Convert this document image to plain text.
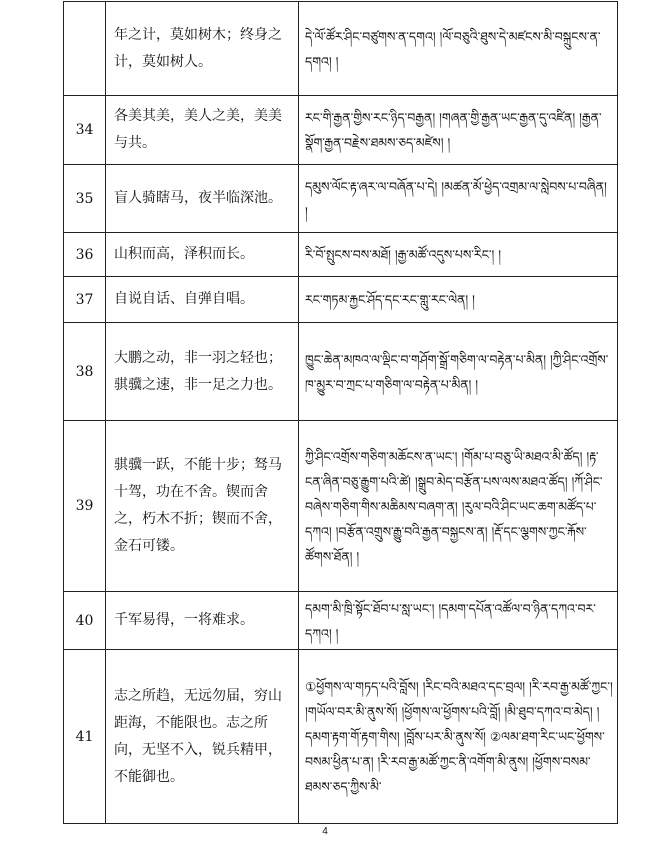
	年之计，莫如树木；终身之计，莫如树人。	དེ་ལོ་ཚོར་ཤིང་བཙུགས་ན་དགའ། །ལོ་བཅུའི་ཐུས་དེ་མཛངས་མི་བསྐྲུངས་ན་དགའ། །
34	各美其美，美人之美，美美与共。	རང་གི་རྒྱན་གྱིས་རང་ཉིད་བརྒྱན། །གཞན་གྱི་རྒྱན་ཡང་རྒྱན་དུ་འཛིན། །རྒྱན་སྣོག་རྒྱན་བརྗེས་ཐམས་ཅད་མཛེས། །
35	盲人骑瞎马，夜半临深池。	དམུས་ལོང་རྟ་ཞར་ལ་བཞོན་པ་དེ། །མཚན་མོ་ཕྱེད་འགྲམ་ལ་སླེབས་པ་བཞིན། །
36	山积而高，泽积而长。	རི་བོ་སྤུངས་བས་མཐོ། །རྒྱ་མཚོ་འདུས་པས་རིང་། །
37	自说自话、自弹自唱。	རང་གཏམ་རྐྱང་ཤོད་དང་རང་གླུ་རང་ལེན། །
38	大鹏之动，非一羽之轻也；骐骥之速，非一足之力也。	ཁྱུང་ཆེན་མཁའ་ལ་ལྡིང་བ་གཤོག་སྒྲོ་གཅིག་ལ་བརྟེན་པ་མིན། །ཀྱི་ཤིང་འགྲོས་ཁ་མྱུར་བ་ཀྲང་པ་གཅིག་ལ་བརྟེན་པ་མིན། །
39	骐骥一跃，不能十步；驽马十驾，功在不舍。锲而舍之，朽木不折；锲而不舍，金石可镂。	ཀྱི་ཤིང་འགྲོས་གཅིག་མཆོངས་ན་ཡང་། །གོམ་པ་བཅུ་ཡི་མཐའ་མི་ཚོད། །རྟ་ངན་ཞིན་བཅུ་རྒྱུག་པའི་ཚེ། །སྒྲུབ་མེད་བརྩོན་པས་ལས་མཐའ་ཚོད། །ཀོ་ཤིང་བཞེས་གཅིག་གིས་མཆིམས་བཞག་ན། །རུལ་བའི་ཤིང་ཡང་ཆག་མཚོད་པ་དཀའ། །བརྩོན་འགྲུས་རྒྱུ་བའི་རྒྱན་བསྐྱངས་ན། །རྡོ་དང་ལྕགས་ཀྱང་རྐོས་ཚོགས་ཐོན། །
40	千军易得，一将难求。	དམག་མི་ཁྲི་སྟོང་ཐོབ་པ་སླ་ཡང་། །དམག་དཔོན་འཚོལ་བ་ཉིན་དཀའ་བར་དཀའ། །
41	志之所趋，无远勿届，穷山距海，不能限也。志之所向，无坚不入，锐兵精甲，不能御也。	①ཕྱོགས་ལ་གཏད་པའི་བློས། །རིང་བའི་མཐའ་དང་བྲལ། །རི་རབ་རྒྱ་མཚོ་ཀྱང་། །གཡོལ་བར་མི་ནུས་སོ། །ཕྱོགས་ལ་ཕྱོགས་པའི་བློ། །མི་ཐུབ་དཀའ་བ་མེད། །དམག་རྟག་གོ་རྟག་གིས། །བློས་པར་མི་ནུས་སོ། ②ལམ་ཐག་རིང་ཡང་ཕྱོགས་བསམ་ཕྱིན་པ་ན། །རི་རབ་རྒྱ་མཚོ་ཀྱང་ནི་འགོག་མི་ནུས། །ཕྱོགས་བསམ་ཐམས་ཅད་ཀྱིས་མི་
4
